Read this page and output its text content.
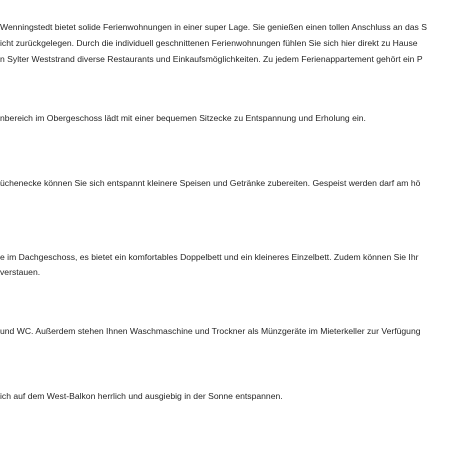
Wenningstedt bietet solide Ferienwohnungen in einer super Lage. Sie genießen einen tollen Anschluss an das S
icht zurückgelegen. Durch die individuell geschnittenen Ferienwohnungen fühlen Sie sich hier direkt zu Hause
n Sylter Weststrand diverse Restaurants und Einkaufsmöglichkeiten. Zu jedem Ferienappartement gehört ein P
nbereich im Obergeschoss lädt mit einer bequemen Sitzecke zu Entspannung und Erholung ein.
üchenecke können Sie sich entspannt kleinere Speisen und Getränke zubereiten. Gespeist werden darf am hö
e im Dachgeschoss, es bietet ein komfortables Doppelbett und ein kleineres Einzelbett. Zudem können Sie Ihr
verstauen.
und WC. Außerdem stehen Ihnen Waschmaschine und Trockner als Münzgeräte im Mieterkeller zur Verfügung
ich auf dem West-Balkon herrlich und ausgiebig in der Sonne entspannen.
